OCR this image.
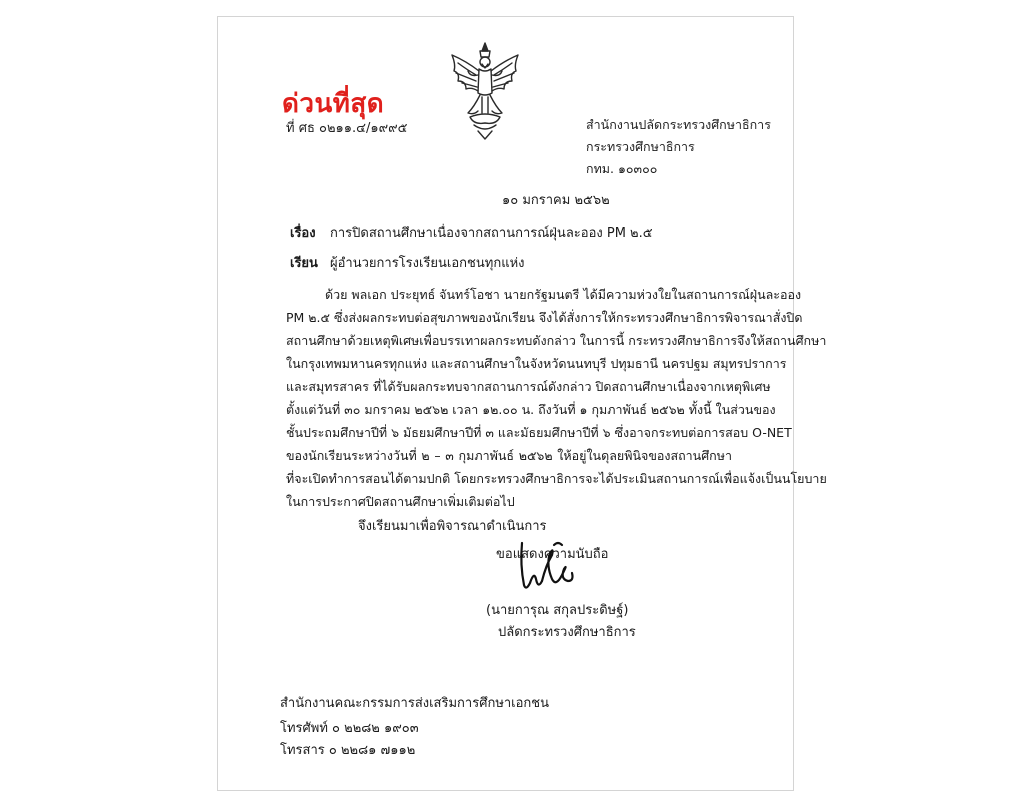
ด่วนที่สุด
ที่ ศธ ๐๒๑๑.๔/๑๙๙๕	สำนักงานปลัดกระทรวงศึกษาธิการ
กระทรวงศึกษาธิการ
กทม. ๑๐๓๐๐
๑๐ มกราคม ๒๕๖๒
เรื่อง การปิดสถานศึกษาเนื่องจากสถานการณ์ฝุ่นละออง PM ๒.๕
เรียน ผู้อำนวยการโรงเรียนเอกชนทุกแห่ง
ด้วย พลเอก ประยุทธ์ จันทร์โอชา นายกรัฐมนตรี ได้มีความห่วงใยในสถานการณ์ฝุ่นละออง
PM ๒.๕ ซึ่งส่งผลกระทบต่อสุขภาพของนักเรียน จึงได้สั่งการให้กระทรวงศึกษาธิการพิจารณาสั่งปิด
สถานศึกษาด้วยเหตุพิเศษเพื่อบรรเทาผลกระทบดังกล่าว ในการนี้ กระทรวงศึกษาธิการจึงให้สถานศึกษา
ในกรุงเทพมหานครทุกแห่ง และสถานศึกษาในจังหวัดนนทบุรี ปทุมธานี นครปฐม สมุทรปราการ
และสมุทรสาคร ที่ได้รับผลกระทบจากสถานการณ์ดังกล่าว ปิดสถานศึกษาเนื่องจากเหตุพิเศษ
ตั้งแต่วันที่ ๓๐ มกราคม ๒๕๖๒ เวลา ๑๒.๐๐ น. ถึงวันที่ ๑ กุมภาพันธ์ ๒๕๖๒ ทั้งนี้ ในส่วนของ
ชั้นประถมศึกษาปีที่ ๖ มัธยมศึกษาปีที่ ๓ และมัธยมศึกษาปีที่ ๖ ซึ่งอาจกระทบต่อการสอบ O-NET
ของนักเรียนระหว่างวันที่ ๒ – ๓ กุมภาพันธ์ ๒๕๖๒ ให้อยู่ในดุลยพินิจของสถานศึกษา
ที่จะเปิดทำการสอนได้ตามปกติ โดยกระทรวงศึกษาธิการจะได้ประเมินสถานการณ์เพื่อแจ้งเป็นนโยบาย
ในการประกาศปิดสถานศึกษาเพิ่มเติมต่อไป
จึงเรียนมาเพื่อพิจารณาดำเนินการ
ขอแสดงความนับถือ
(นายการุณ สกุลประดิษฐ์)
ปลัดกระทรวงศึกษาธิการ
สำนักงานคณะกรรมการส่งเสริมการศึกษาเอกชน
โทรศัพท์ ๐ ๒๒๘๒ ๑๙๐๓
โทรสาร ๐ ๒๒๘๑ ๗๑๑๒
